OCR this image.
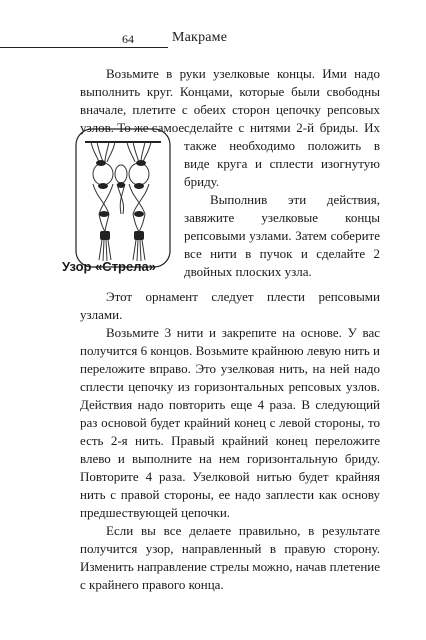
64	Макраме

Возьмите в руки узелковые концы. Ими надо выполнить круг. Концами, которые были свободны вначале, плетите с обеих сторон цепочку репсовых узлов. То же самое сделайте с нитями 2-й бриды. Их также необходимо положить в виде круга и сплести изогнутую бриду.

Выполнив эти действия, завяжите узелковые концы репсовыми узлами. Затем соберите все нити в пучок и сделайте 2 двойных плоских узла.

Узор «Стрела»

Этот орнамент следует плести репсовыми узлами.

Возьмите 3 нити и закрепите на основе. У вас получится 6 концов. Возьмите крайнюю левую нить и переложите вправо. Это узелковая нить, на ней надо сплести цепочку из горизонтальных репсовых узлов. Действия надо повторить еще 4 раза. В следующий раз основой будет крайний конец с левой стороны, то есть 2-я нить. Правый крайний конец переложите влево и выполните на нем горизонтальную бриду. Повторите 4 раза. Узелковой нитью будет крайняя нить с правой стороны, ее надо заплести как основу предшествующей цепочки.

Если вы все делаете правильно, в результате получится узор, направленный в правую сторону. Изменить направление стрелы можно, начав плетение с крайнего правого конца.
